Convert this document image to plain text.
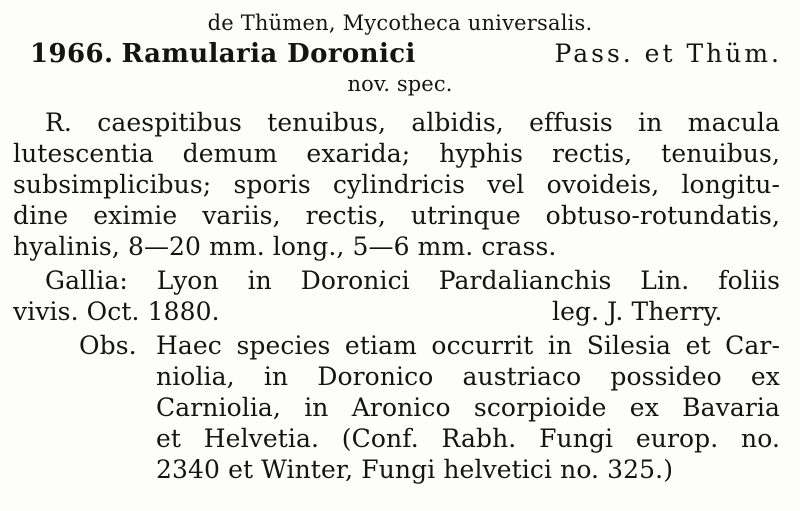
de Thümen, Mycotheca universalis.
1966. Ramularia Doronici	Pass. et Thüm.
nov. spec.
R. caespitibus tenuibus, albidis, effusis in macula
lutescentia demum exarida; hyphis rectis, tenuibus,
subsimplicibus; sporis cylindricis vel ovoideis, longitu-
dine eximie variis, rectis, utrinque obtuso-rotundatis,
hyalinis, 8—20 mm. long., 5—6 mm. crass.
Gallia: Lyon in Doronici Pardalianchis Lin. foliis
vivis. Oct. 1880.	leg. J. Therry.
Obs. Haec species etiam occurrit in Silesia et Car-
niolia, in Doronico austriaco possideo ex
Carniolia, in Aronico scorpioide ex Bavaria
et Helvetia. (Conf. Rabh. Fungi europ. no.
2340 et Winter, Fungi helvetici no. 325.)
